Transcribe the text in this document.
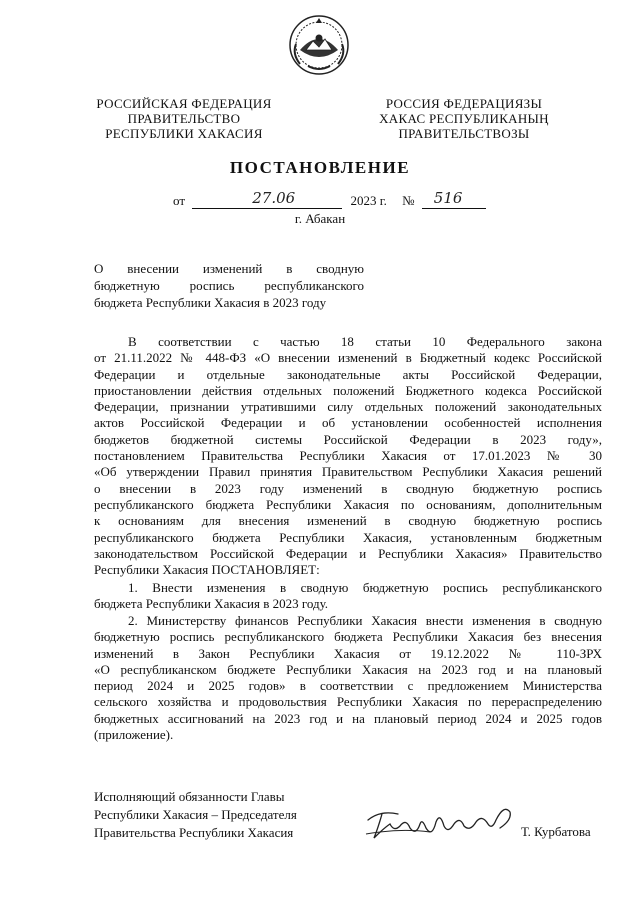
РОССИЙСКАЯ ФЕДЕРАЦИЯ
ПРАВИТЕЛЬСТВО
РЕСПУБЛИКИ ХАКАСИЯ
РОССИЯ ФЕДЕРАЦИЯЗЫ
ХАКАС РЕСПУБЛИКАНЫҢ
ПРАВИТЕЛЬСТВОЗЫ
ПОСТАНОВЛЕНИЕ
от	27.06	2023 г. № 516
г. Абакан
О внесении изменений в сводную
бюджетную роспись республиканского
бюджета Республики Хакасия в 2023 году
В соответствии с частью 18 статьи 10 Федерального закона
от 21.11.2022 № 448-ФЗ «О внесении изменений в Бюджетный кодекс Российской
Федерации и отдельные законодательные акты Российской Федерации,
приостановлении действия отдельных положений Бюджетного кодекса Российской
Федерации, признании утратившими силу отдельных положений законодательных
актов Российской Федерации и об установлении особенностей исполнения
бюджетов бюджетной системы Российской Федерации в 2023 году»,
постановлением Правительства Республики Хакасия от 17.01.2023 № 30
«Об утверждении Правил принятия Правительством Республики Хакасия решений
о внесении в 2023 году изменений в сводную бюджетную роспись
республиканского бюджета Республики Хакасия по основаниям, дополнительным
к основаниям для внесения изменений в сводную бюджетную роспись
республиканского бюджета Республики Хакасия, установленным бюджетным
законодательством Российской Федерации и Республики Хакасия» Правительство
Республики Хакасия ПОСТАНОВЛЯЕТ:
1. Внести изменения в сводную бюджетную роспись республиканского
бюджета Республики Хакасия в 2023 году.
2. Министерству финансов Республики Хакасия внести изменения в сводную
бюджетную роспись республиканского бюджета Республики Хакасия без внесения
изменений в Закон Республики Хакасия от 19.12.2022 № 110-ЗРХ
«О республиканском бюджете Республики Хакасия на 2023 год и на плановый
период 2024 и 2025 годов» в соответствии с предложением Министерства
сельского хозяйства и продовольствия Республики Хакасия по перераспределению
бюджетных ассигнований на 2023 год и на плановый период 2024 и 2025 годов
(приложение).
Исполняющий обязанности Главы
Республики Хакасия – Председателя
Правительства Республики Хакасия	Т. Курбатова
